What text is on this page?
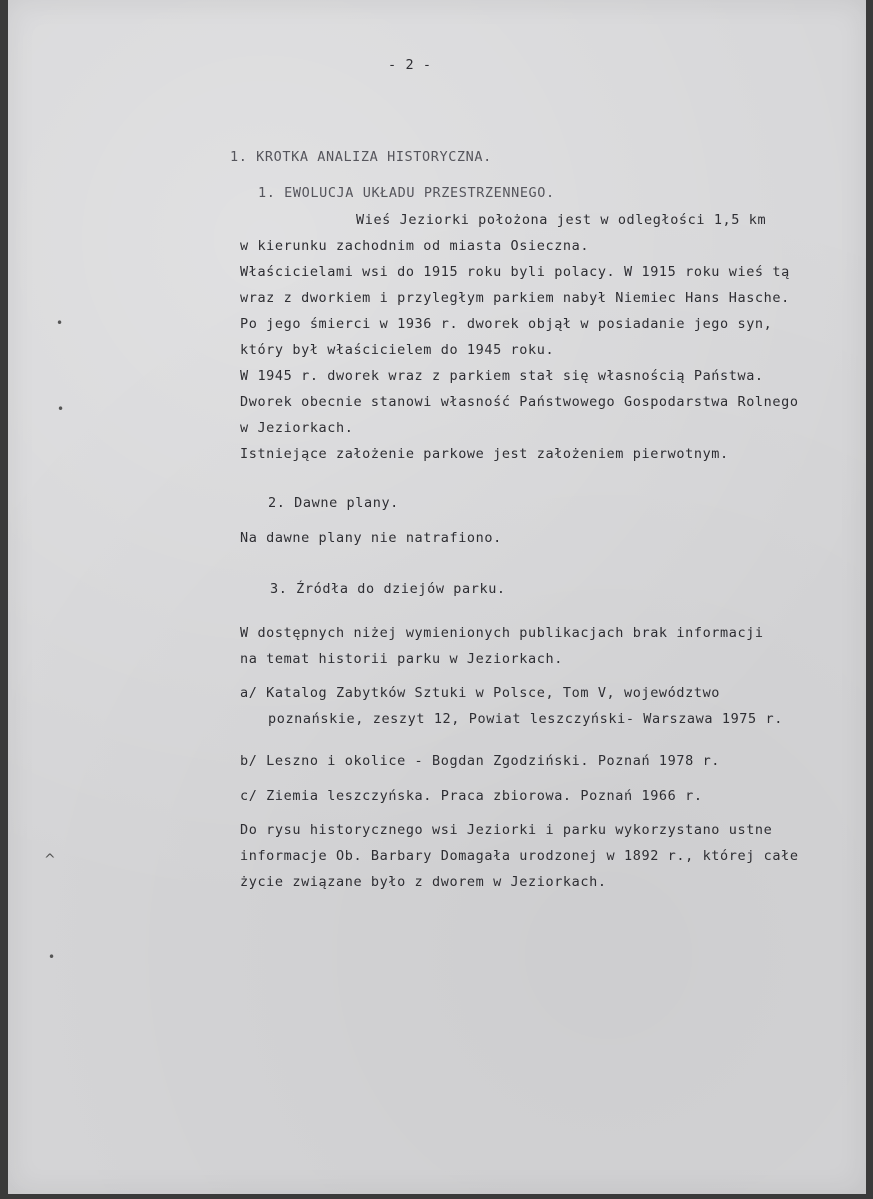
- 2 -
1. KROTKA ANALIZA HISTORYCZNA.
1. EWOLUCJA UKŁADU PRZESTRZENNEGO.
Wieś Jeziorki położona jest w odległości 1,5 km
w kierunku zachodnim od miasta Osieczna.
Właścicielami wsi do 1915 roku byli polacy. W 1915 roku wieś tą
wraz z dworkiem i przyległym parkiem nabył Niemiec Hans Hasche.
Po jego śmierci w 1936 r. dworek objął w posiadanie jego syn,
który był właścicielem do 1945 roku.
W 1945 r. dworek wraz z parkiem stał się własnością Państwa.
Dworek obecnie stanowi własność Państwowego Gospodarstwa Rolnego
w Jeziorkach.
Istniejące założenie parkowe jest założeniem pierwotnym.
2. Dawne plany.
Na dawne plany nie natrafiono.
3. Źródła do dziejów parku.
W dostępnych niżej wymienionych publikacjach brak informacji
na temat historii parku w Jeziorkach.
a/ Katalog Zabytków Sztuki w Polsce, Tom V, województwo
poznańskie, zeszyt 12, Powiat leszczyński- Warszawa 1975 r.
b/ Leszno i okolice - Bogdan Zgodziński. Poznań 1978 r.
c/ Ziemia leszczyńska. Praca zbiorowa. Poznań 1966 r.
Do rysu historycznego wsi Jeziorki i parku wykorzystano ustne
informacje Ob. Barbary Domagała urodzonej w 1892 r., której całe
życie związane było z dworem w Jeziorkach.
•
•
^
•
